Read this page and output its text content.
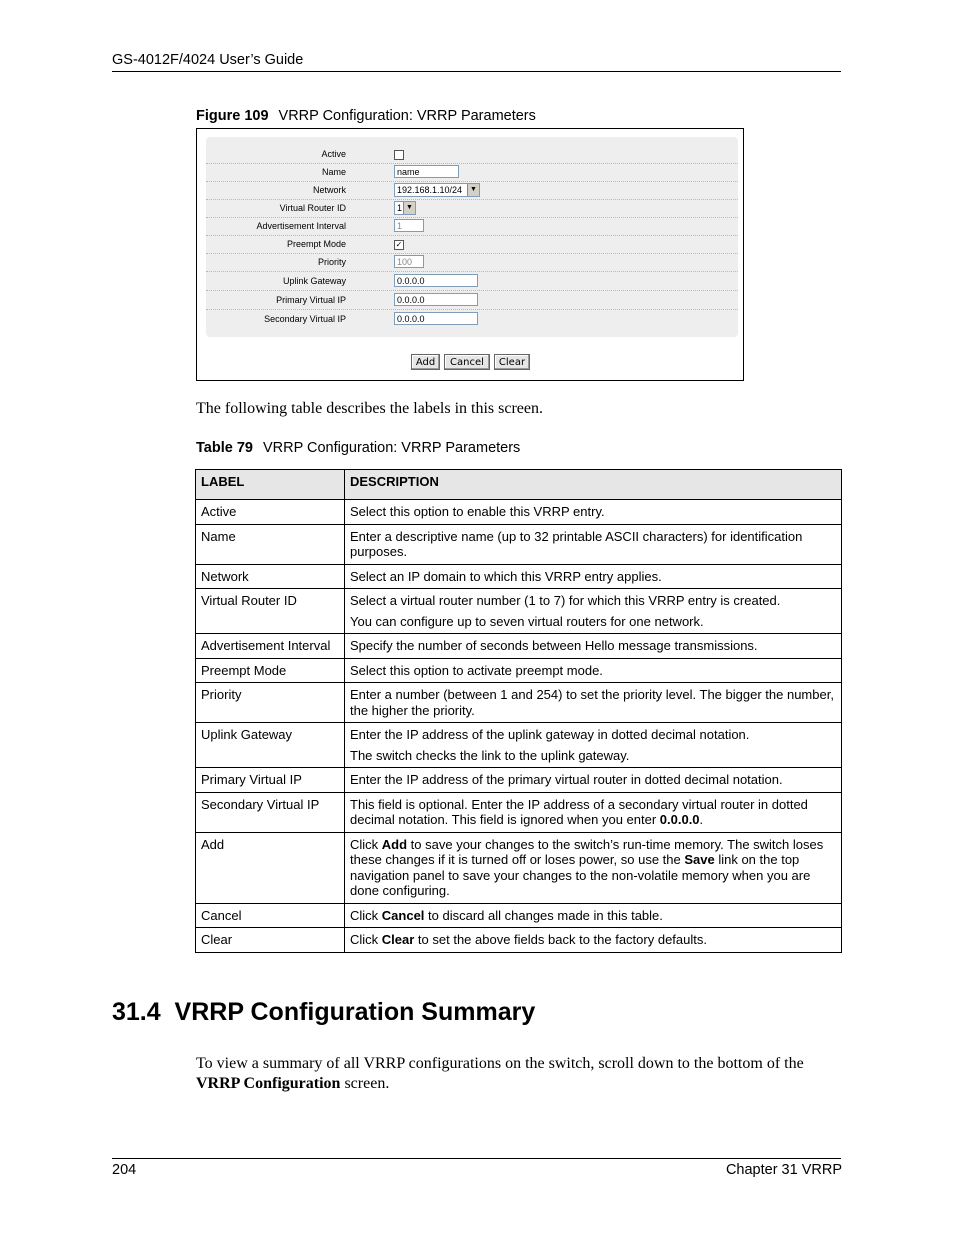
GS-4012F/4024 User’s Guide
Figure 109 VRRP Configuration: VRRP Parameters
Active
Name	name
Network	192.168.1.10/24	▼
Virtual Router ID	1 ▼
Advertisement Interval	1
Preempt Mode	✓
Priority	100
Uplink Gateway	0.0.0.0
Primary Virtual IP	0.0.0.0
Secondary Virtual IP	0.0.0.0
Add	Cancel	Clear
The following table describes the labels in this screen.
Table 79 VRRP Configuration: VRRP Parameters
LABEL	DESCRIPTION
Active	Select this option to enable this VRRP entry.

Name	Enter a descriptive name (up to 32 printable ASCII characters) for identification purposes.

Network	Select an IP domain to which this VRRP entry applies.

Virtual Router ID	Select a virtual router number (1 to 7) for which this VRRP entry is created.

You can configure up to seven virtual routers for one network.

Advertisement Interval	Specify the number of seconds between Hello message transmissions.

Preempt Mode	Select this option to activate preempt mode.

Priority	Enter a number (between 1 and 254) to set the priority level. The bigger the number, the higher the priority.

Uplink Gateway	Enter the IP address of the uplink gateway in dotted decimal notation.

The switch checks the link to the uplink gateway.

Primary Virtual IP	Enter the IP address of the primary virtual router in dotted decimal notation.

Secondary Virtual IP	This field is optional. Enter the IP address of a secondary virtual router in dotted decimal notation. This field is ignored when you enter 0.0.0.0.

Add	Click Add to save your changes to the switch’s run-time memory. The switch loses these changes if it is turned off or loses power, so use the Save link on the top navigation panel to save your changes to the non-volatile memory when you are done configuring.

Cancel	Click Cancel to discard all changes made in this table.

Clear	Click Clear to set the above fields back to the factory defaults.

31.4  VRRP Configuration Summary
To view a summary of all VRRP configurations on the switch, scroll down to the bottom of the VRRP Configuration screen.
204	Chapter 31 VRRP
